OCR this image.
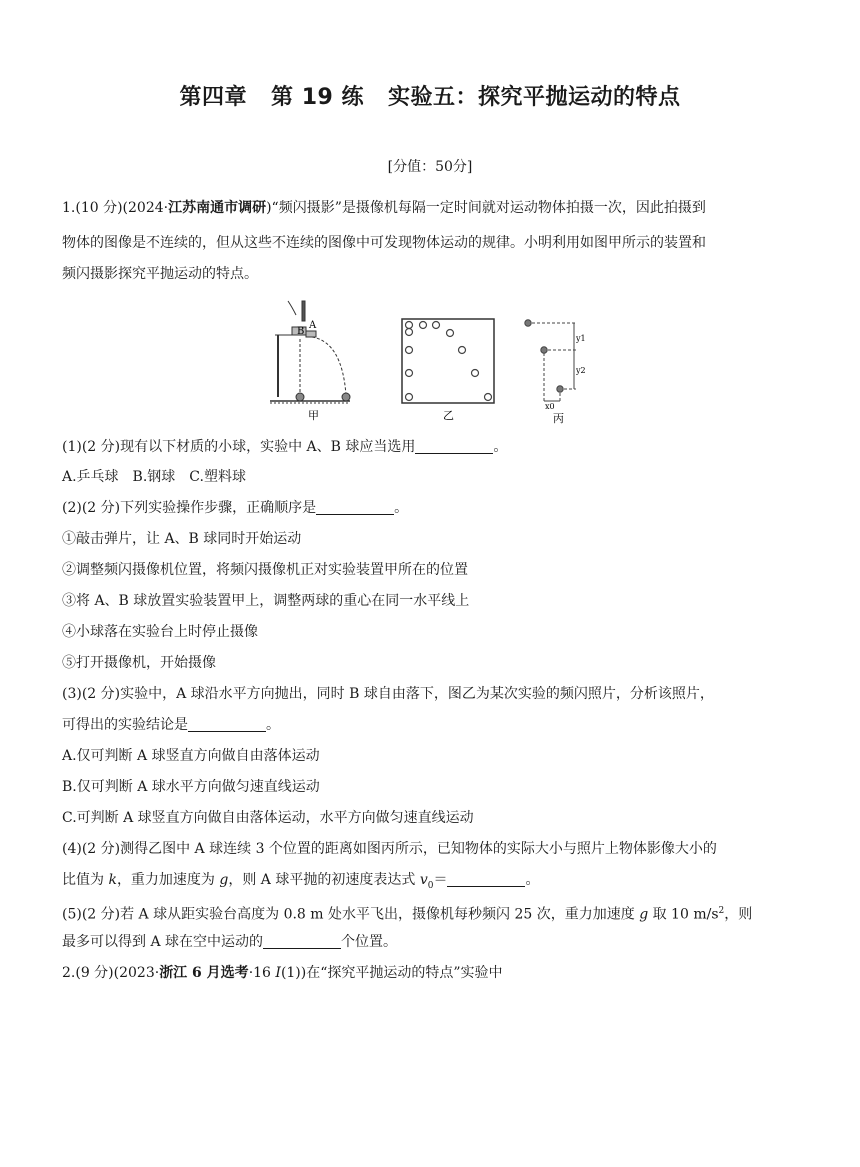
第四章 第 19 练 实验五：探究平抛运动的特点
[分值：50分]
1.(10 分)(2024·江苏南通市调研)“频闪摄影”是摄像机每隔一定时间就对运动物体拍摄一次，因此拍摄到
物体的图像是不连续的，但从这些不连续的图像中可发现物体运动的规律。小明利用如图甲所示的装置和
频闪摄影探究平抛运动的特点。
B
A
甲	乙
y1
y2
x0
丙
(1)(2 分)现有以下材质的小球，实验中 A、B 球应当选用	。
A.乒乓球　B.钢球　C.塑料球
(2)(2 分)下列实验操作步骤，正确顺序是	。
①敲击弹片，让 A、B 球同时开始运动
②调整频闪摄像机位置，将频闪摄像机正对实验装置甲所在的位置
③将 A、B 球放置实验装置甲上，调整两球的重心在同一水平线上
④小球落在实验台上时停止摄像
⑤打开摄像机，开始摄像
(3)(2 分)实验中，A 球沿水平方向抛出，同时 B 球自由落下，图乙为某次实验的频闪照片，分析该照片，
可得出的实验结论是	。
A.仅可判断 A 球竖直方向做自由落体运动
B.仅可判断 A 球水平方向做匀速直线运动
C.可判断 A 球竖直方向做自由落体运动，水平方向做匀速直线运动
(4)(2 分)测得乙图中 A 球连续 3 个位置的距离如图丙所示，已知物体的实际大小与照片上物体影像大小的
比值为 k，重力加速度为 g，则 A 球平抛的初速度表达式 $v_0=$	。
(5)(2 分)若 A 球从距实验台高度为 0.8 m 处水平飞出，摄像机每秒频闪 25 次，重力加速度 g 取 10 $m/s^2$，则
最多可以得到 A 球在空中运动的	个位置。
2.(9 分)(2023·浙江 6 月选考·16 Ⅰ(1))在“探究平抛运动的特点”实验中
